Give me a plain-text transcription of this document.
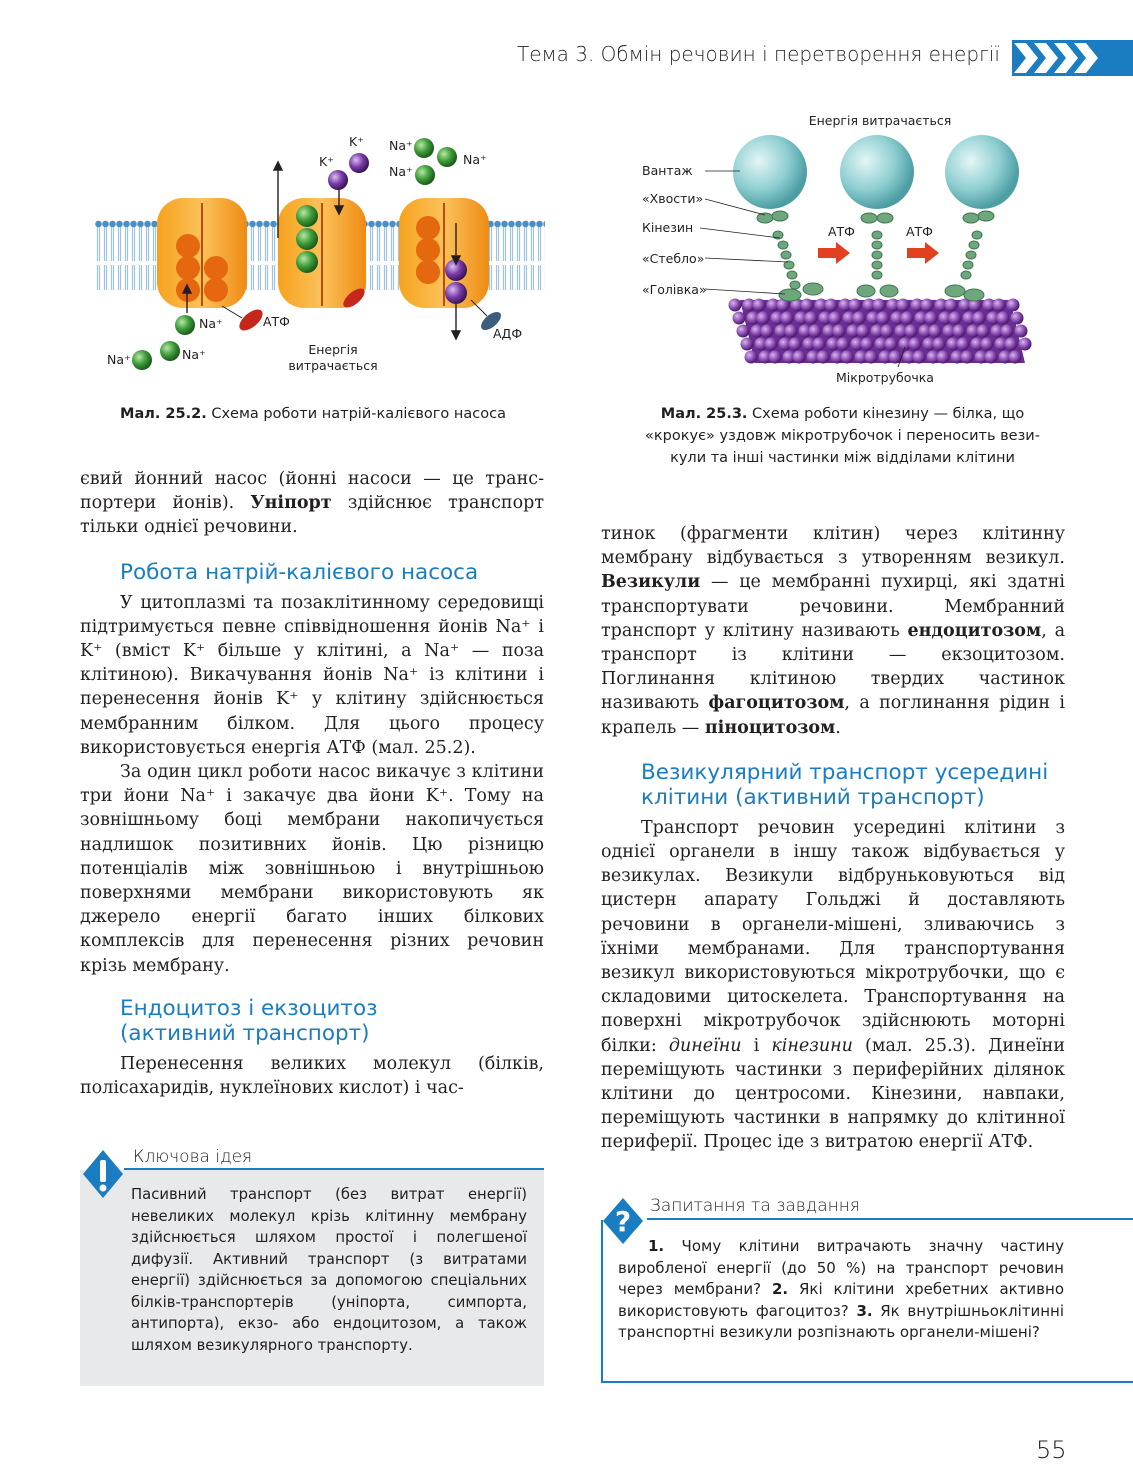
Тема 3. Обмін речовин і перетворення енергії
K⁺
K⁺
Na⁺
Na⁺
Na⁺
Na⁺
Na⁺
Na⁺
АТФ
АДФ
Енергія
витрачається
Мал. 25.2. Схема роботи натрій-калієвого насоса
Енергія витрачається
АТФ	АТФ
Вантаж
«Хвости»
Кінезин
«Стебло»
«Голівка»
Мікротрубочка
Мал. 25.3. Схема роботи кінезину — білка, що
«крокує» уздовж мікротрубочок і переносить вези-
кули та інші частинки між відділами клітини

євий йонний насос (йонні насоси — це транс-портери йонів). Уніпорт здійснює транспорт тільки однієї речовини.

Робота натрій-калієвого насоса

У цитоплазмі та позаклітинному середовищі підтримується певне співвідношення йонів Na⁺ і K⁺ (вміст K⁺ більше у клітині, а Na⁺ — поза клітиною). Викачування йонів Na⁺ із клітини і перенесення йонів K⁺ у клітину здійснюється мембранним білком. Для цього процесу використовується енергія АТФ (мал. 25.2).

За один цикл роботи насос викачує з клітини три йони Na⁺ і закачує два йони K⁺. Тому на зовнішньому боці мембрани накопичується надлишок позитивних йонів. Цю різницю потенціалів між зовнішньою і внутрішньою поверхнями мембрани використовують як джерело енергії багато інших білкових комплексів для перенесення різних речовин крізь мембрану.

Ендоцитоз і екзоцитоз
(активний транспорт)

Перенесення великих молекул (білків, полісахаридів, нуклеїнових кислот) і час-

Ключова ідея
Пасивний транспорт (без витрат енергії) невеликих молекул крізь клітинну мембрану здійснюється шляхом простої і полегшеної дифузії. Активний транспорт (з витратами енергії) здійснюється за допомогою спеціальних білків-транспортерів (уніпорта, симпорта, антипорта), екзо- або ендоцитозом, а також шляхом везикулярного транспорту.

тинок (фрагменти клітин) через клітинну мембрану відбувається з утворенням везикул. Везикули — це мембранні пухирці, які здатні транспортувати речовини. Мембранний транспорт у клітину називають ендоцитозом, а транспорт із клітини — екзоцитозом. Поглинання клітиною твердих частинок називають фагоцитозом, а поглинання рідин і крапель — піноцитозом.

Везикулярний транспорт усередині
клітини (активний транспорт)

Транспорт речовин усередині клітини з однієї органели в іншу також відбувається у везикулах. Везикули відбруньковуються від цистерн апарату Гольджі й доставляють речовини в органели-мішені, зливаючись з їхніми мембранами. Для транспортування везикул використовуються мікротрубочки, що є складовими цитоскелета. Транспортування на поверхні мікротрубочок здійснюють моторні білки: динеїни і кінезини (мал. 25.3). Динеїни переміщують частинки з периферійних ділянок клітини до центросоми. Кінезини, навпаки, переміщують частинки в напрямку до клітинної периферії. Процес іде з витратою енергії АТФ.

Запитання та завдання
?
1. Чому клітини витрачають значну частину виробленої енергії (до 50 %) на транспорт речовин через мембрани? 2. Які клітини хребетних активно використовують фагоцитоз? 3. Як внутрішньоклітинні транспортні везикули розпізнають органели-мішені?
55
